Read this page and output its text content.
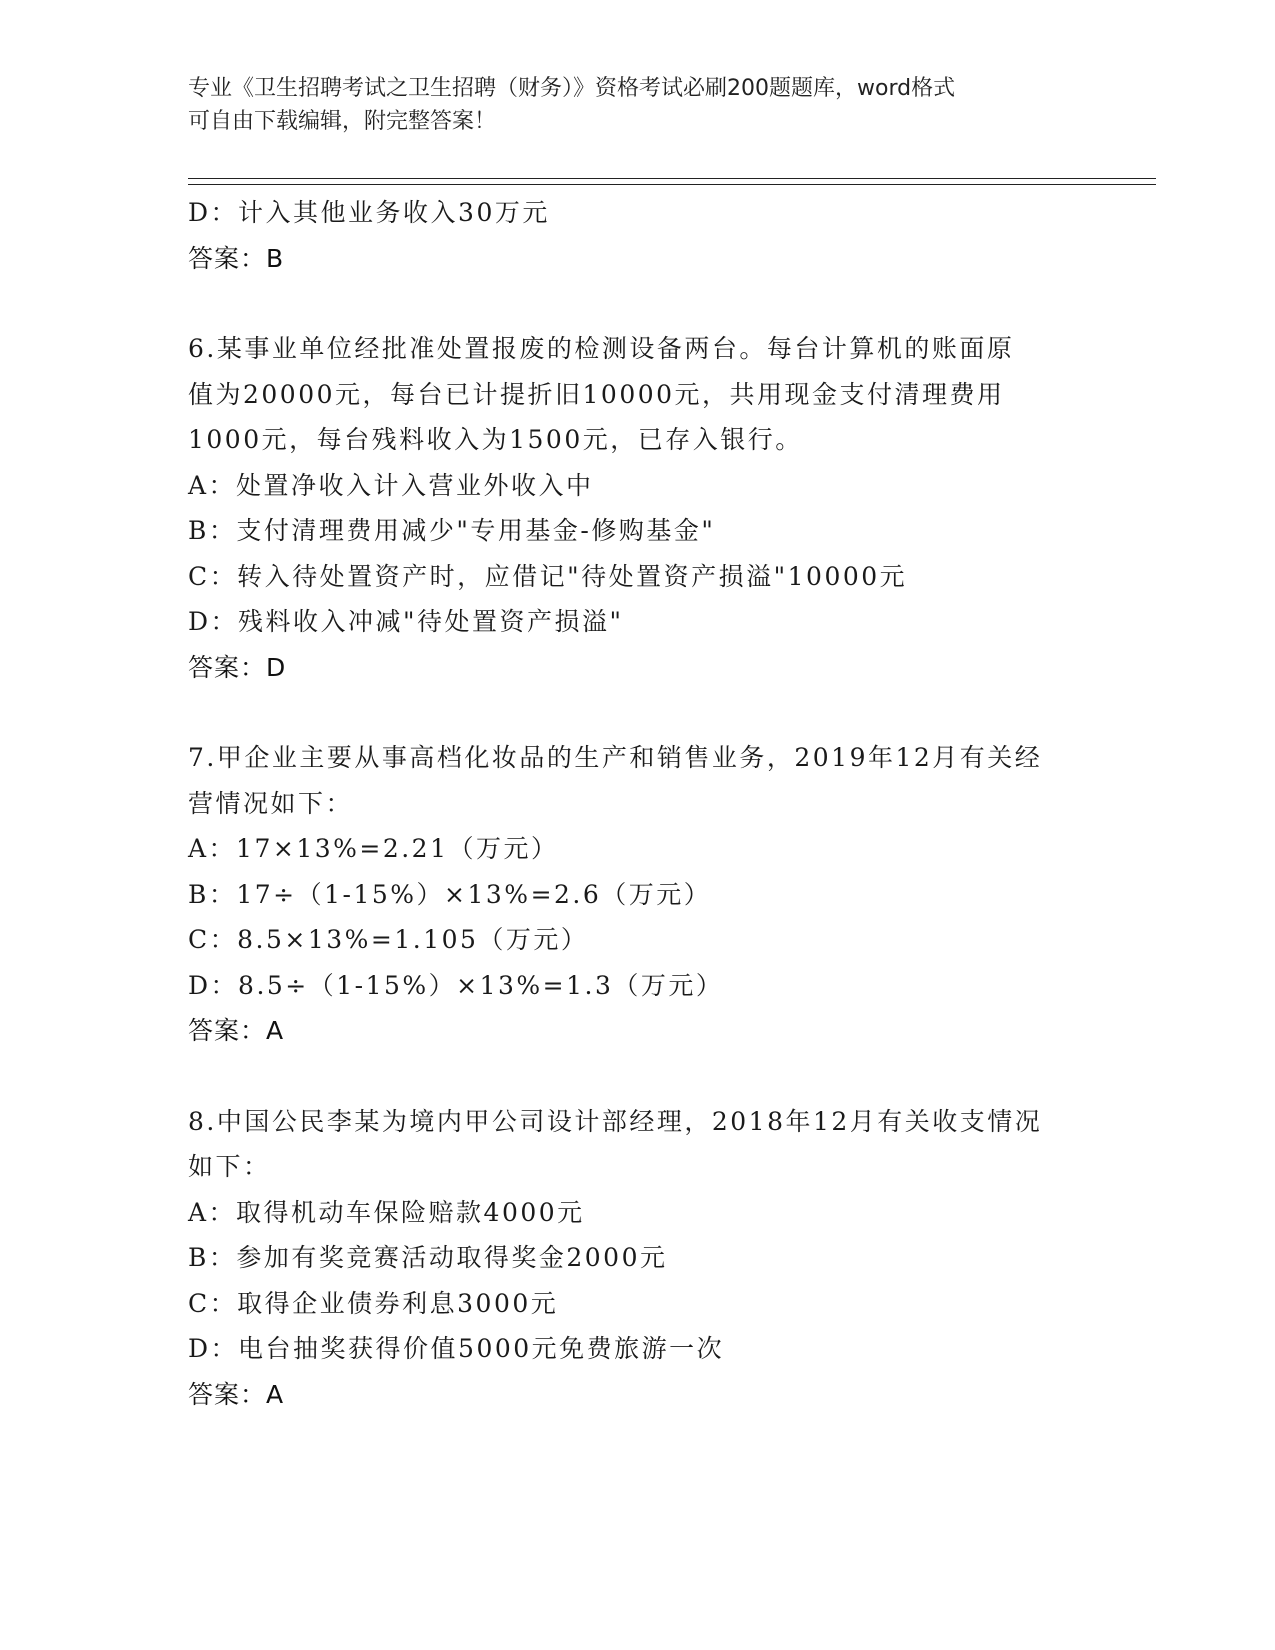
专业《卫生招聘考试之卫生招聘（财务）》资格考试必刷200题题库，word格式
可自由下载编辑，附完整答案！
D：计入其他业务收入30万元
答案：B
6.某事业单位经批准处置报废的检测设备两台。每台计算机的账面原
值为20000元，每台已计提折旧10000元，共用现金支付清理费用
1000元，每台残料收入为1500元，已存入银行。
A：处置净收入计入营业外收入中
B：支付清理费用减少"专用基金-修购基金"
C：转入待处置资产时，应借记"待处置资产损溢"10000元
D：残料收入冲减"待处置资产损溢"
答案：D
7.甲企业主要从事高档化妆品的生产和销售业务，2019年12月有关经
营情况如下：
A：17×13%=2.21（万元）
B：17÷（1-15%）×13%=2.6（万元）
C：8.5×13%=1.105（万元）
D：8.5÷（1-15%）×13%=1.3（万元）
答案：A
8.中国公民李某为境内甲公司设计部经理，2018年12月有关收支情况
如下：
A：取得机动车保险赔款4000元
B：参加有奖竞赛活动取得奖金2000元
C：取得企业债券利息3000元
D：电台抽奖获得价值5000元免费旅游一次
答案：A
